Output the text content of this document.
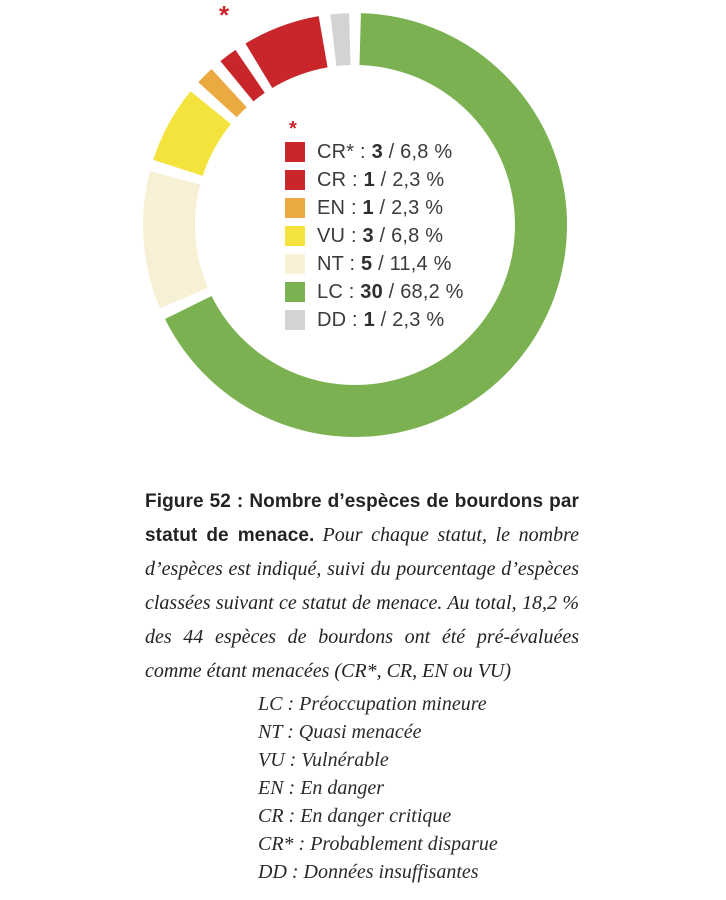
*
*
CR* : 3 / 6,8 %
CR : 1 / 2,3 %
EN : 1 / 2,3 %
VU : 3 / 6,8 %
NT : 5 / 11,4 %
LC : 30 / 68,2 %
DD : 1 / 2,3 %

Figure 52 : Nombre d’espèces de bourdons par statut de menace. Pour chaque statut, le nombre d’espèces est indiqué, suivi du pourcentage d’espèces classées suivant ce statut de menace. Au total, 18,2 % des 44 espèces de bourdons ont été pré-évaluées comme étant menacées (CR*, CR, EN ou VU)

LC : Préoccupation mineure
NT : Quasi menacée
VU : Vulnérable
EN : En danger
CR : En danger critique
CR* : Probablement disparue
DD : Données insuffisantes
